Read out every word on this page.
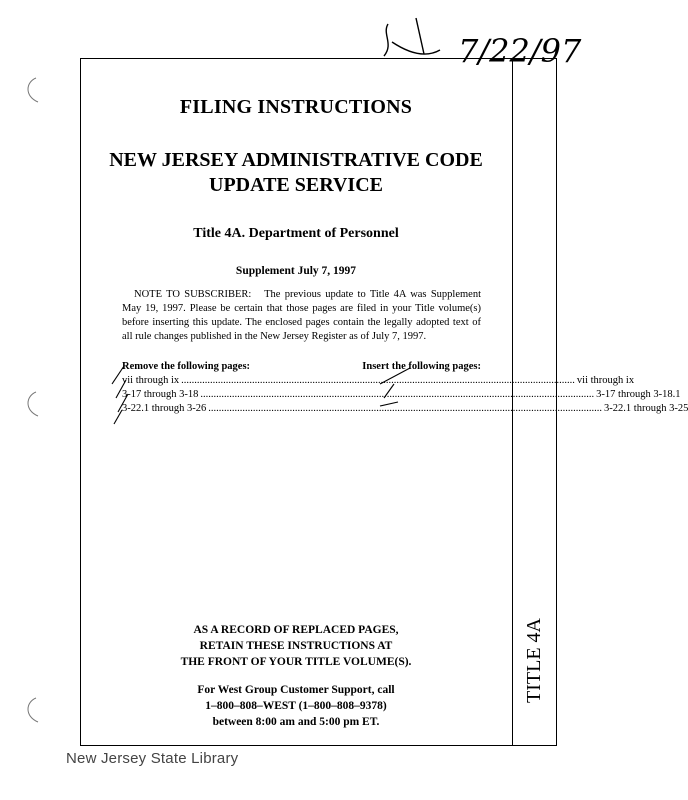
7/22/97
FILING INSTRUCTIONS
NEW JERSEY ADMINISTRATIVE CODE
UPDATE SERVICE
Title 4A. Department of Personnel
Supplement July 7, 1997
NOTE TO SUBSCRIBER: The previous update to Title 4A was Supplement May 19, 1997. Please be certain that those pages are filed in your Title volume(s) before inserting this update. The enclosed pages contain the legally adopted text of all rule changes published in the New Jersey Register as of July 7, 1997.
Remove the following pages:	Insert the following pages:
vii through ix ...................................................................................................................................................... vii through ix
3-17 through 3-18 ...................................................................................................................................................... 3-17 through 3-18.1
3-22.1 through 3-26 ...................................................................................................................................................... 3-22.1 through 3-25
AS A RECORD OF REPLACED PAGES,
RETAIN THESE INSTRUCTIONS AT
THE FRONT OF YOUR TITLE VOLUME(S).
For West Group Customer Support, call
1–800–808–WEST (1–800–808–9378)
between 8:00 am and 5:00 pm ET.
TITLE 4A
New Jersey State Library
